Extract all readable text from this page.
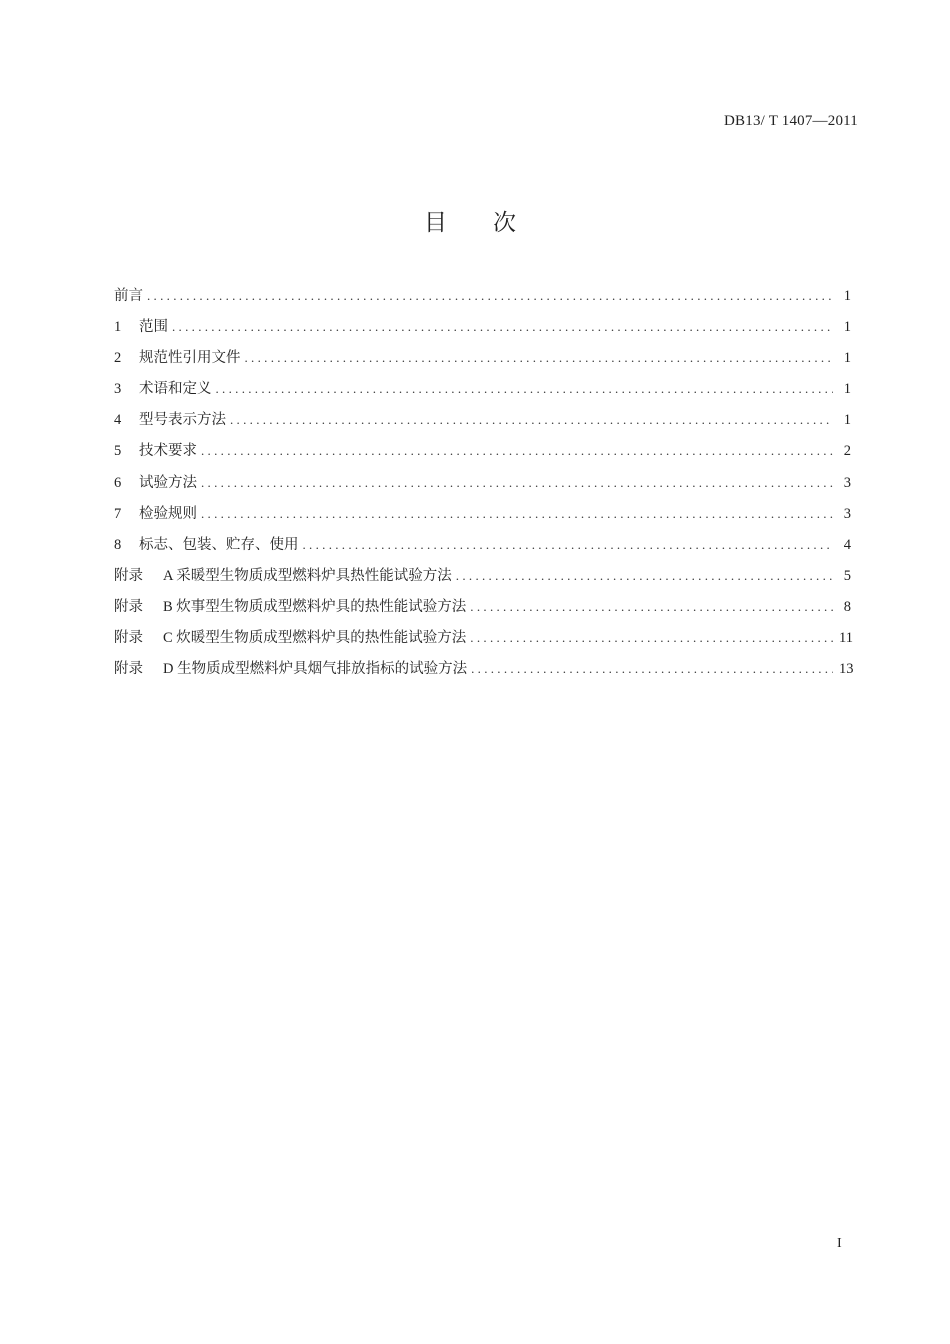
DB13/ T 1407—2011
目次
前言 .....	1
1	范围 .....	1
2	规范性引用文件 .....	1
3	术语和定义 .....	1
4	型号表示方法 .....	1
5	技术要求 .....	2
6	试验方法 .....	3
7	检验规则 .....	3
8	标志、包装、贮存、使用 .....	4
附录	A 采暖型生物质成型燃料炉具热性能试验方法 .....	5
附录	B 炊事型生物质成型燃料炉具的热性能试验方法 .....	8
附录	C 炊暖型生物质成型燃料炉具的热性能试验方法 .....	11
附录	D 生物质成型燃料炉具烟气排放指标的试验方法 .....	13
I
